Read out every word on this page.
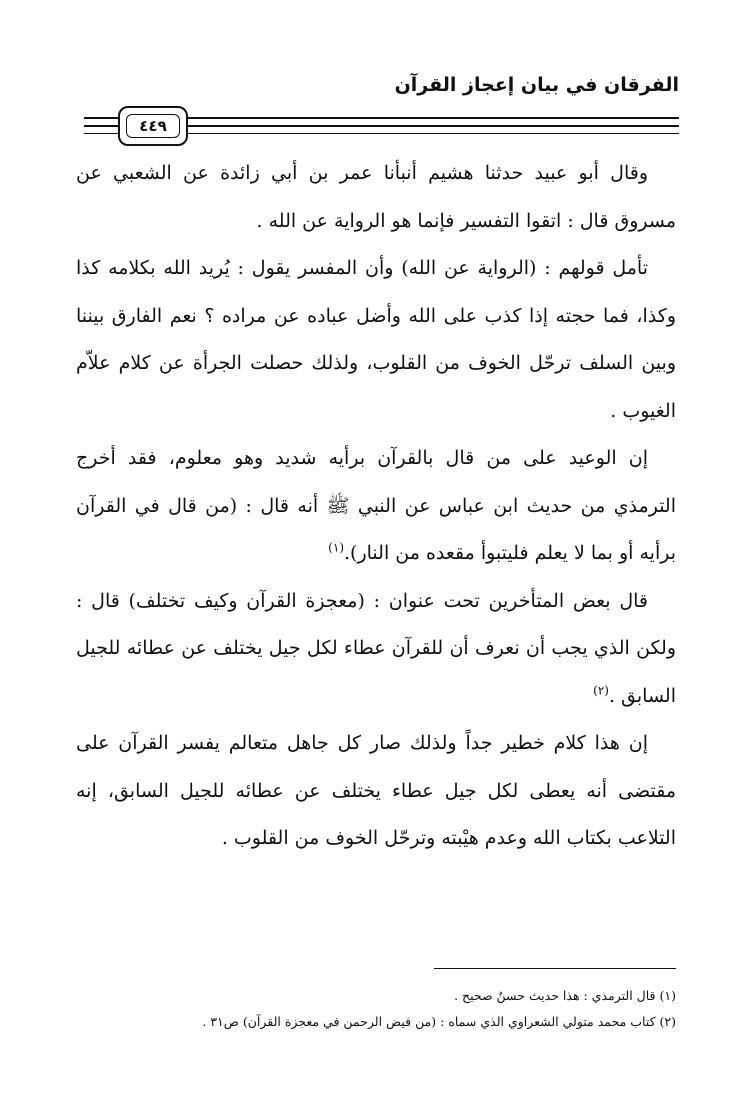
الفرقان في بيان إعجاز القرآن
٤٤٩

وقال أبو عبيد حدثنا هشيم أنبأنا عمر بن أبي زائدة عن الشعبي عن مسروق قال : اتقوا التفسير فإنما هو الرواية عن الله .

تأمل قولهم : (الرواية عن الله) وأن المفسر يقول : يُريد الله بكلامه كذا وكذا، فما حجته إذا كذب على الله وأضل عباده عن مراده ؟ نعم الفارق بيننا وبين السلف ترحّل الخوف من القلوب، ولذلك حصلت الجرأة عن كلام علاّم الغيوب .

إن الوعيد على من قال بالقرآن برأيه شديد وهو معلوم، فقد أخرج الترمذي من حديث ابن عباس عن النبي ﷺ أنه قال : (من قال في القرآن برأيه أو بما لا يعلم فليتبوأ مقعده من النار).$^{(١)}$

قال بعض المتأخرين تحت عنوان : (معجزة القرآن وكيف تختلف) قال : ولكن الذي يجب أن نعرف أن للقرآن عطاء لكل جيل يختلف عن عطائه للجيل السابق .$^{(٢)}$

إن هذا كلام خطير جداً ولذلك صار كل جاهل متعالم يفسر القرآن على مقتضى أنه يعطى لكل جيل عطاء يختلف عن عطائه للجيل السابق، إنه التلاعب بكتاب الله وعدم هيْبته وترحّل الخوف من القلوب .

(١) قال الترمذي : هذا حديث حسنٌ صحيح .

(٢) كتاب محمد متولي الشعراوي الذي سماه : (من فيض الرحمن في معجزة القرآن) ص٣١ .
